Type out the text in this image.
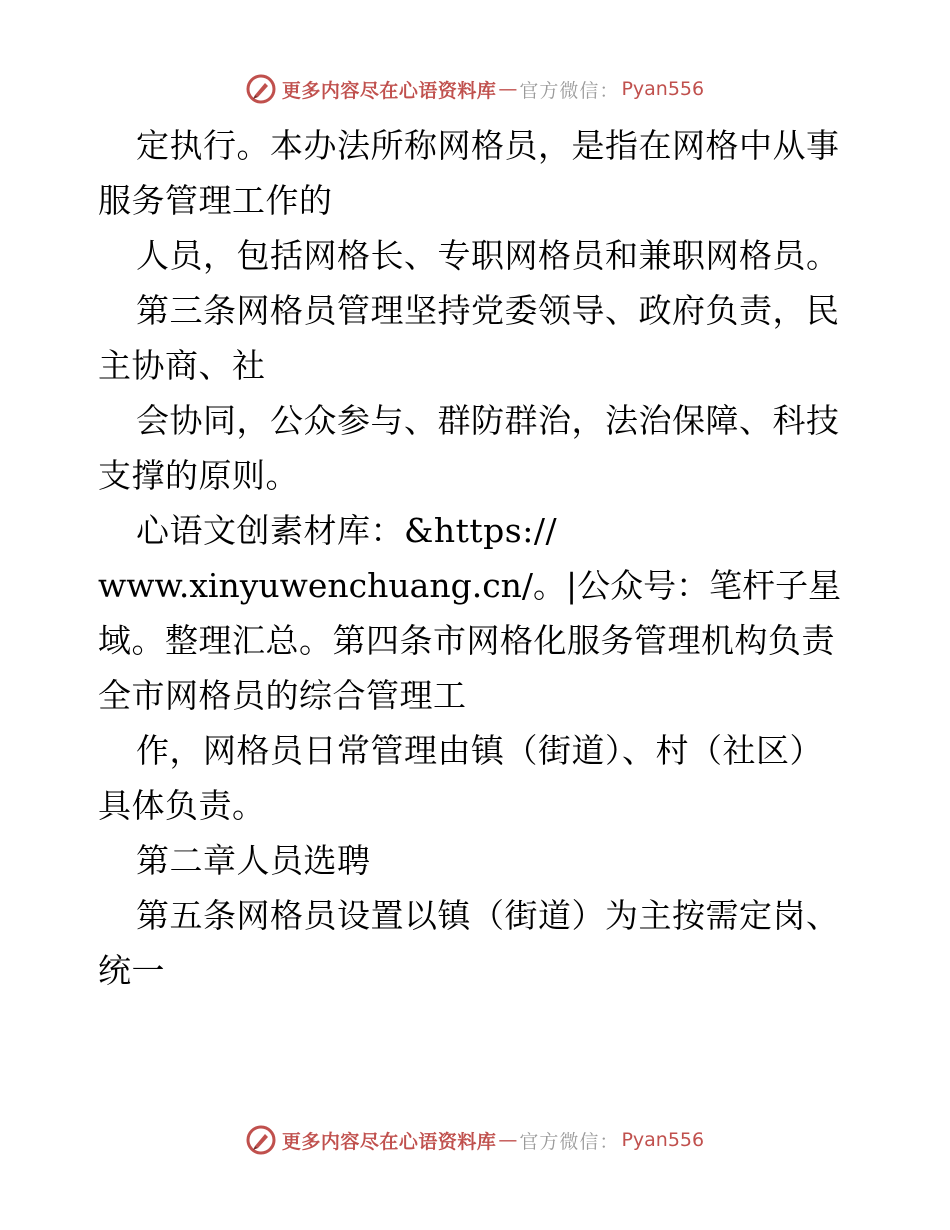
更多内容尽在心语资料库 — 官方微信： Pyan556
定执行。本办法所称网格员，是指在网格中从事
服务管理工作的
人员，包括网格长、专职网格员和兼职网格员。
第三条网格员管理坚持党委领导、政府负责，民
主协商、社
会协同，公众参与、群防群治，法治保障、科技
支撑的原则。
心语文创素材库：&https://
www.xinyuwenchuang.cn/。|公众号：笔杆子星
域。整理汇总。第四条市网格化服务管理机构负责
全市网格员的综合管理工
作，网格员日常管理由镇（街道）、村（社区）
具体负责。
第二章人员选聘
第五条网格员设置以镇（街道）为主按需定岗、
统一
更多内容尽在心语资料库 — 官方微信： Pyan556
